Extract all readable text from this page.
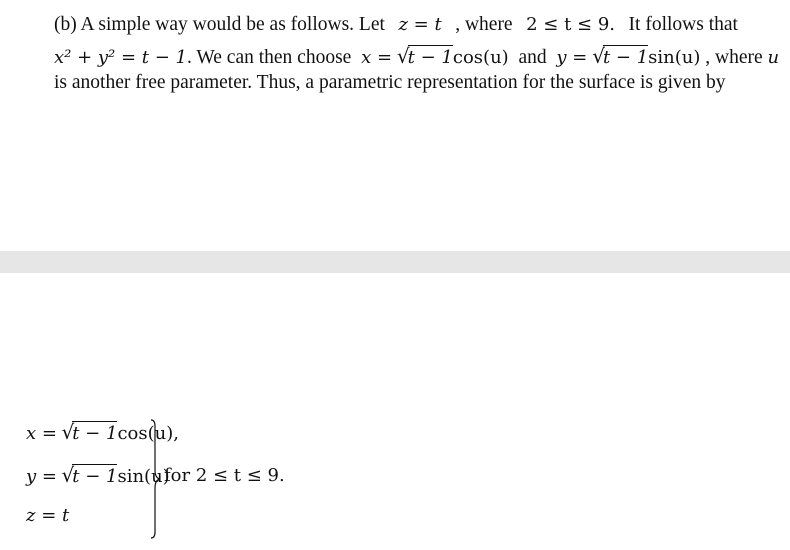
(b) A simple way would be as follows. Let z = t , where 2 ≤ t ≤ 9. It follows that
x² + y² = t − 1. We can then choose x = √t − 1cos(u) and y = √t − 1sin(u) , where u
is another free parameter. Thus, a parametric representation for the surface is given by
x = √t − 1cos(u),
y = √t − 1sin(u)
z = t
for 2 ≤ t ≤ 9.
